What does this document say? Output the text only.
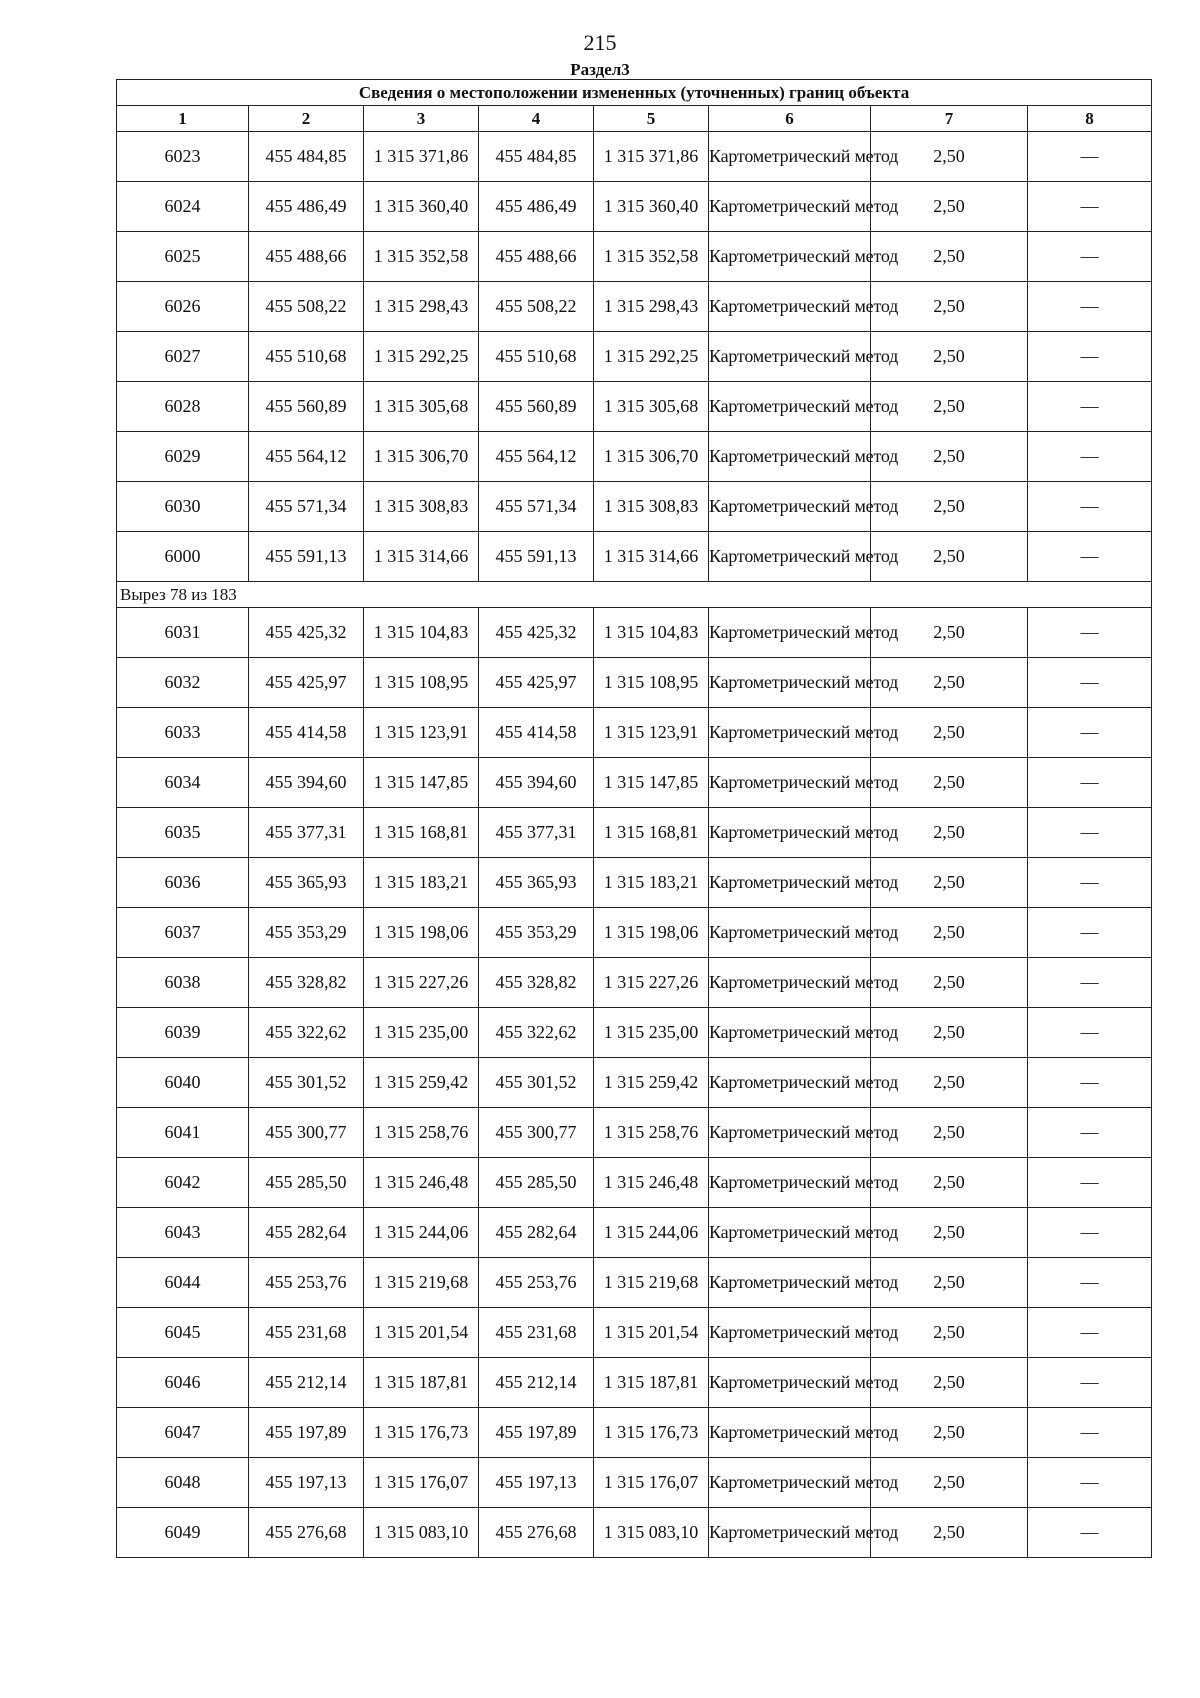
215
Раздел3
Сведения о местоположении измененных (уточненных) границ объекта							
1	2	3	4	5	6	7	8
6023	455 484,85	1 315 371,86	455 484,85	1 315 371,86	Картометрический метод	2,50	—
6024	455 486,49	1 315 360,40	455 486,49	1 315 360,40	Картометрический метод	2,50	—
6025	455 488,66	1 315 352,58	455 488,66	1 315 352,58	Картометрический метод	2,50	—
6026	455 508,22	1 315 298,43	455 508,22	1 315 298,43	Картометрический метод	2,50	—
6027	455 510,68	1 315 292,25	455 510,68	1 315 292,25	Картометрический метод	2,50	—
6028	455 560,89	1 315 305,68	455 560,89	1 315 305,68	Картометрический метод	2,50	—
6029	455 564,12	1 315 306,70	455 564,12	1 315 306,70	Картометрический метод	2,50	—
6030	455 571,34	1 315 308,83	455 571,34	1 315 308,83	Картометрический метод	2,50	—
6000	455 591,13	1 315 314,66	455 591,13	1 315 314,66	Картометрический метод	2,50	—
Вырез 78 из 183							
6031	455 425,32	1 315 104,83	455 425,32	1 315 104,83	Картометрический метод	2,50	—
6032	455 425,97	1 315 108,95	455 425,97	1 315 108,95	Картометрический метод	2,50	—
6033	455 414,58	1 315 123,91	455 414,58	1 315 123,91	Картометрический метод	2,50	—
6034	455 394,60	1 315 147,85	455 394,60	1 315 147,85	Картометрический метод	2,50	—
6035	455 377,31	1 315 168,81	455 377,31	1 315 168,81	Картометрический метод	2,50	—
6036	455 365,93	1 315 183,21	455 365,93	1 315 183,21	Картометрический метод	2,50	—
6037	455 353,29	1 315 198,06	455 353,29	1 315 198,06	Картометрический метод	2,50	—
6038	455 328,82	1 315 227,26	455 328,82	1 315 227,26	Картометрический метод	2,50	—
6039	455 322,62	1 315 235,00	455 322,62	1 315 235,00	Картометрический метод	2,50	—
6040	455 301,52	1 315 259,42	455 301,52	1 315 259,42	Картометрический метод	2,50	—
6041	455 300,77	1 315 258,76	455 300,77	1 315 258,76	Картометрический метод	2,50	—
6042	455 285,50	1 315 246,48	455 285,50	1 315 246,48	Картометрический метод	2,50	—
6043	455 282,64	1 315 244,06	455 282,64	1 315 244,06	Картометрический метод	2,50	—
6044	455 253,76	1 315 219,68	455 253,76	1 315 219,68	Картометрический метод	2,50	—
6045	455 231,68	1 315 201,54	455 231,68	1 315 201,54	Картометрический метод	2,50	—
6046	455 212,14	1 315 187,81	455 212,14	1 315 187,81	Картометрический метод	2,50	—
6047	455 197,89	1 315 176,73	455 197,89	1 315 176,73	Картометрический метод	2,50	—
6048	455 197,13	1 315 176,07	455 197,13	1 315 176,07	Картометрический метод	2,50	—
6049	455 276,68	1 315 083,10	455 276,68	1 315 083,10	Картометрический метод	2,50	—
